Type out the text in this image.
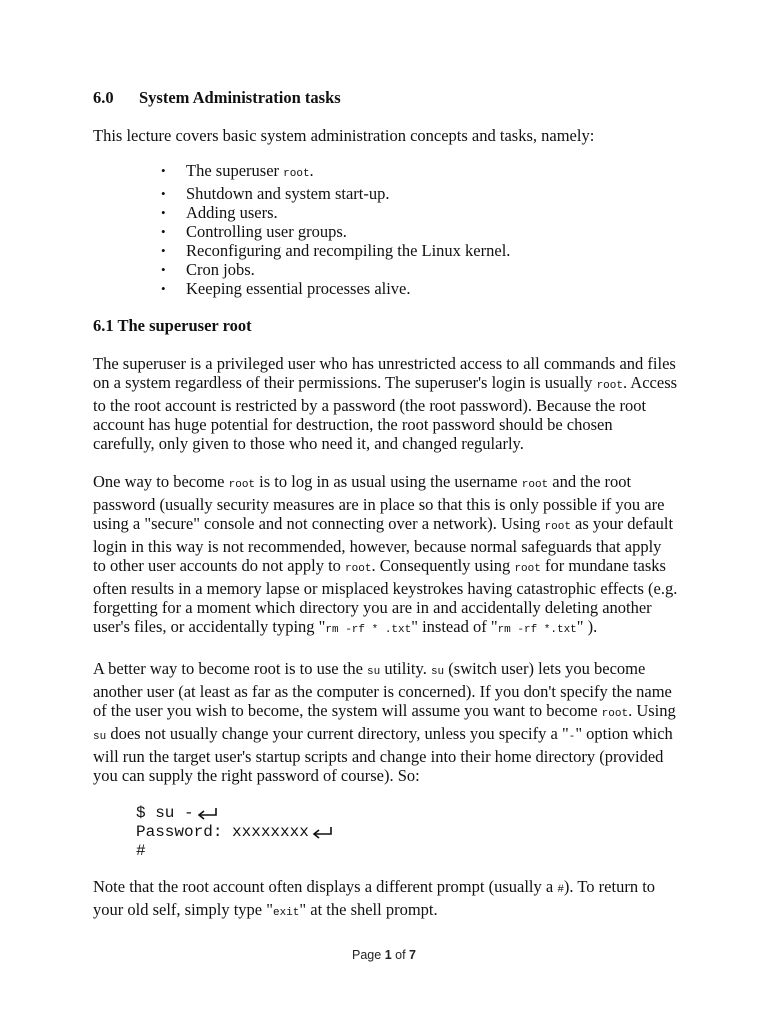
6.0 System Administration tasks

This lecture covers basic system administration concepts and tasks, namely:

• The superuser root.
• Shutdown and system start-up.
• Adding users.
• Controlling user groups.
• Reconfiguring and recompiling the Linux kernel.
• Cron jobs.
• Keeping essential processes alive.
6.1 The superuser root

The superuser is a privileged user who has unrestricted access to all commands and files on a system regardless of their permissions. The superuser's login is usually root. Access to the root account is restricted by a password (the root password). Because the root account has huge potential for destruction, the root password should be chosen carefully, only given to those who need it, and changed regularly.

One way to become root is to log in as usual using the username root and the root password (usually security measures are in place so that this is only possible if you are using a "secure" console and not connecting over a network). Using root as your default login in this way is not recommended, however, because normal safeguards that apply to other user accounts do not apply to root. Consequently using root for mundane tasks often results in a memory lapse or misplaced keystrokes having catastrophic effects (e.g. forgetting for a moment which directory you are in and accidentally deleting another user's files, or accidentally typing "rm -rf * .txt" instead of "rm -rf *.txt" ).

A better way to become root is to use the su utility. su (switch user) lets you become another user (at least as far as the computer is concerned). If you don't specify the name of the user you wish to become, the system will assume you want to become root. Using su does not usually change your current directory, unless you specify a "-" option which will run the target user's startup scripts and change into their home directory (provided you can supply the right password of course). So:

$ su -
Password: xxxxxxxx
#

Note that the root account often displays a different prompt (usually a #). To return to your old self, simply type "exit" at the shell prompt.

Page 1 of 7
